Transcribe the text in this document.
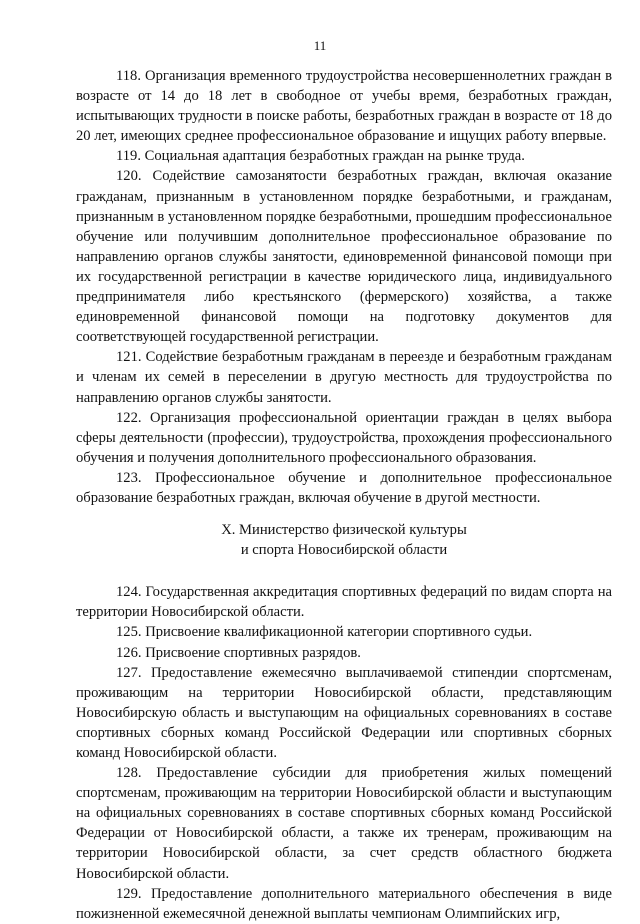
11

118. Организация временного трудоустройства несовершеннолетних граждан в возрасте от 14 до 18 лет в свободное от учебы время, безработных граждан, испытывающих трудности в поиске работы, безработных граждан в возрасте от 18 до 20 лет, имеющих среднее профессиональное образование и ищущих работу впервые.

119. Социальная адаптация безработных граждан на рынке труда.

120. Содействие самозанятости безработных граждан, включая оказание гражданам, признанным в установленном порядке безработными, и гражданам, признанным в установленном порядке безработными, прошедшим профессиональное обучение или получившим дополнительное профессиональное образование по направлению органов службы занятости, единовременной финансовой помощи при их государственной регистрации в качестве юридического лица, индивидуального предпринимателя либо крестьянского (фермерского) хозяйства, а также единовременной финансовой помощи на подготовку документов для соответствующей государственной регистрации.

121. Содействие безработным гражданам в переезде и безработным гражданам и членам их семей в переселении в другую местность для трудоустройства по направлению органов службы занятости.

122. Организация профессиональной ориентации граждан в целях выбора сферы деятельности (профессии), трудоустройства, прохождения профессионального обучения и получения дополнительного профессионального образования.

123. Профессиональное обучение и дополнительное профессиональное образование безработных граждан, включая обучение в другой местности.

X. Министерство физической культуры
и спорта Новосибирской области

124. Государственная аккредитация спортивных федераций по видам спорта на территории Новосибирской области.

125. Присвоение квалификационной категории спортивного судьи.

126. Присвоение спортивных разрядов.

127. Предоставление ежемесячно выплачиваемой стипендии спортсменам, проживающим на территории Новосибирской области, представляющим Новосибирскую область и выступающим на официальных соревнованиях в составе спортивных сборных команд Российской Федерации или спортивных сборных команд Новосибирской области.

128. Предоставление субсидии для приобретения жилых помещений спортсменам, проживающим на территории Новосибирской области и выступающим на официальных соревнованиях в составе спортивных сборных команд Российской Федерации от Новосибирской области, а также их тренерам, проживающим на территории Новосибирской области, за счет средств областного бюджета Новосибирской области.

129. Предоставление дополнительного материального обеспечения в виде пожизненной ежемесячной денежной выплаты чемпионам Олимпийских игр,
